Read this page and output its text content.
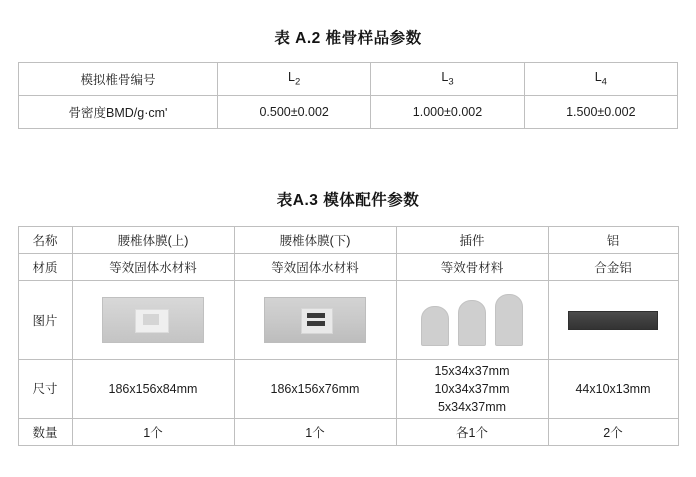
表 A.2 椎骨样品参数
模拟椎骨编号	$L_2$	$L_3$	$L_4$
骨密度BMD/g·cm'	0.500±0.002	1.000±0.002	1.500±0.002
表A.3 模体配件参数
名称	腰椎体膜(上)	腰椎体膜(下)	插件	铝
材质	等效固体水材料	等效固体水材料	等效骨材料	合金铝
图片	

尺寸	186x156x84mm	186x156x76mm	15x34x37mm
10x34x37mm
5x34x37mm	44x10x13mm

数量	1个	1个	各1个	2个
